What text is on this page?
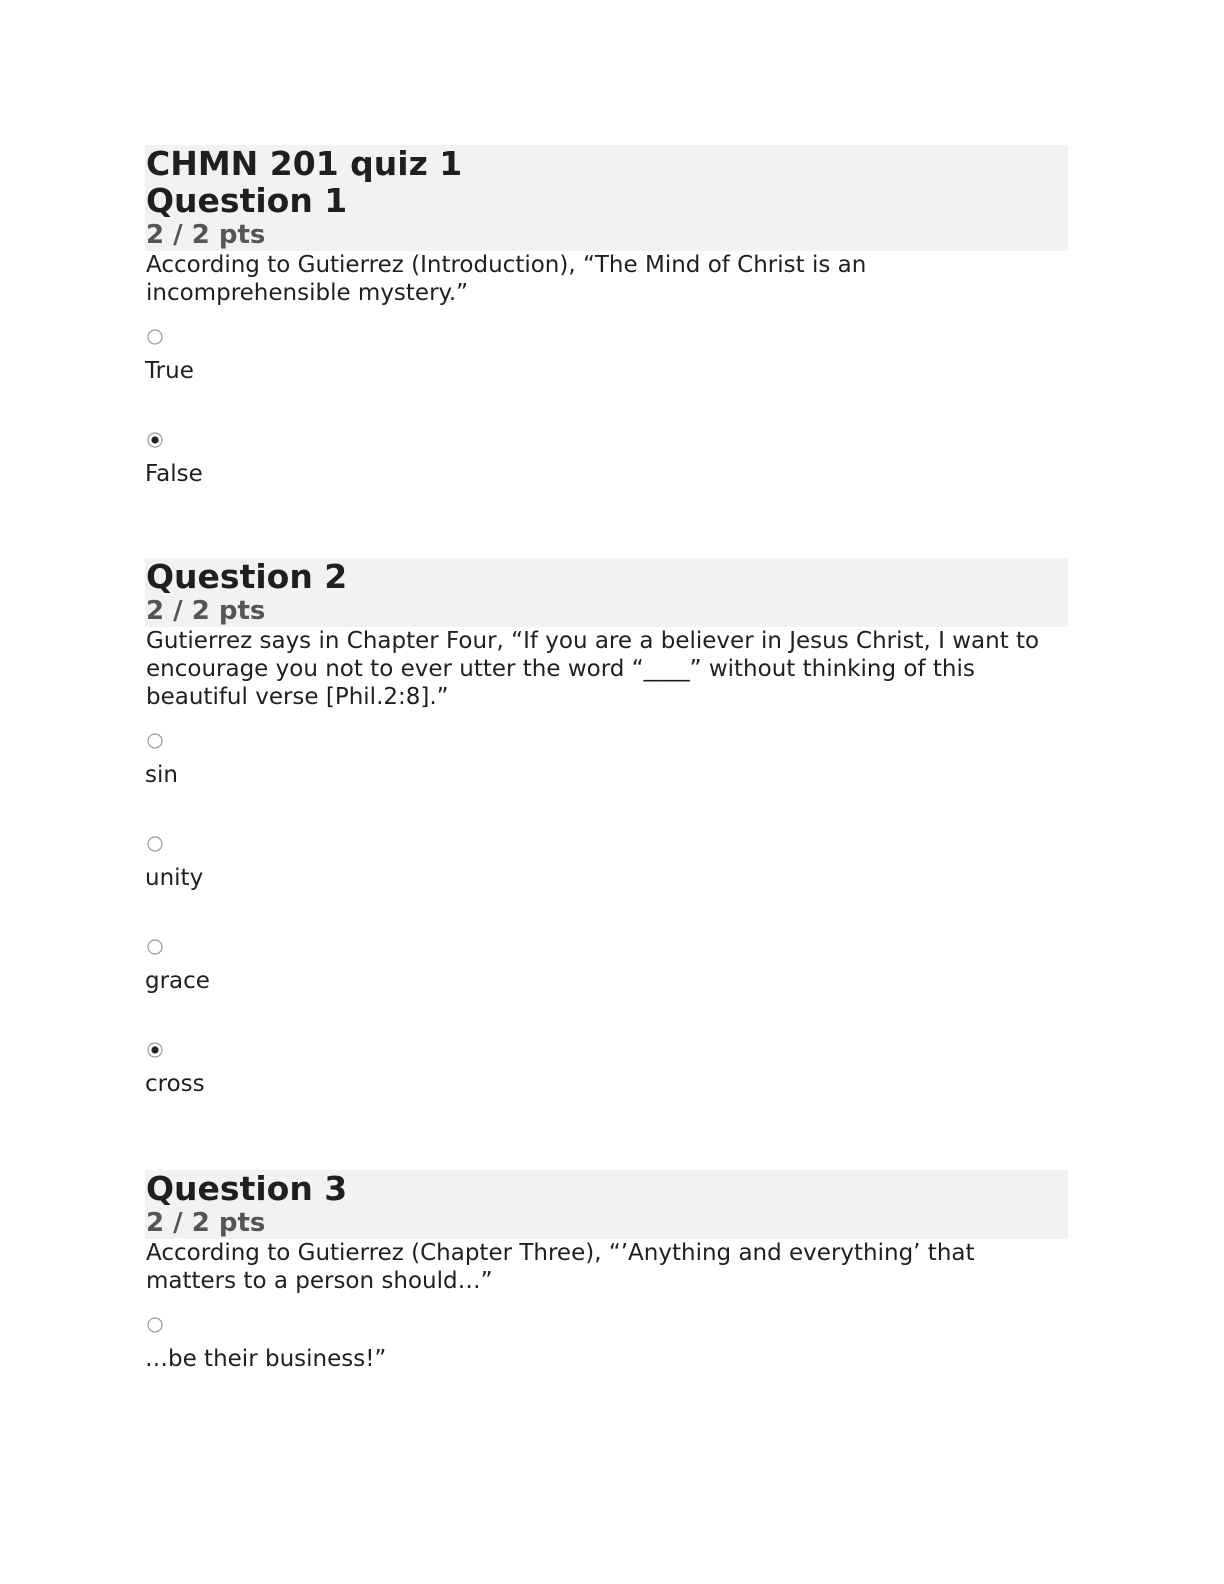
CHMN 201 quiz 1
Question 1
2 / 2 pts
According to Gutierrez (Introduction), “The Mind of Christ is an incomprehensible mystery.”
True
False
Question 2
2 / 2 pts
Gutierrez says in Chapter Four, “If you are a believer in Jesus Christ, I want to encourage you not to ever utter the word “____” without thinking of this beautiful verse [Phil.2:8].”
sin
unity
grace
cross
Question 3
2 / 2 pts
According to Gutierrez (Chapter Three), “’Anything and everything’ that matters to a person should…”
…be their business!”
